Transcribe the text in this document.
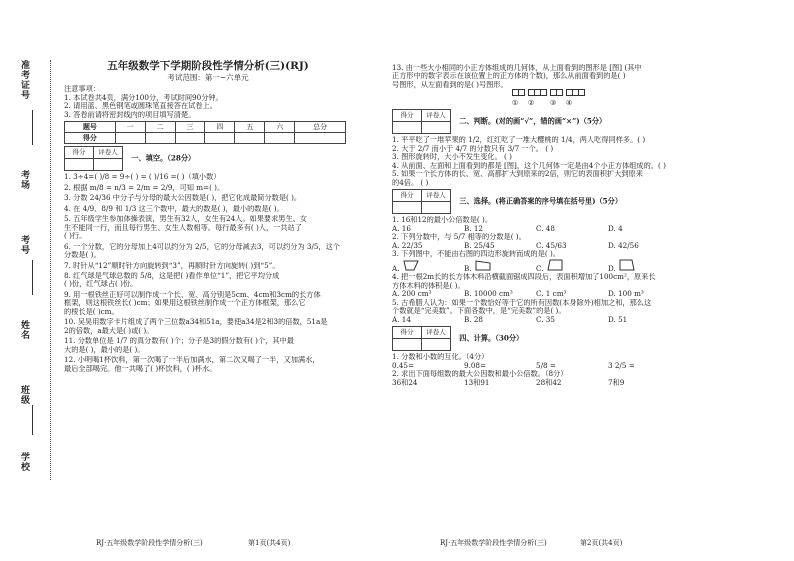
准考证号
考场
考号
姓名
班级
学校
五年级数学下学期阶段性学情分析(三)(RJ)
考试范围：第一~六单元

注意事项：

1. 本试卷共4页，满分100分，考试时间90分钟。

2. 请用蓝、黑色钢笔或圆珠笔直接答在试卷上。

3. 答卷前请将密封线内的项目填写清楚。

题号	一	二	三	四	五	六	总分
得分							
得分	评卷人
	一、填空。（28分）

1. 3÷4=( )/8 = 9÷( ) = ( )/16 =( )（填小数）

2. 根据 m/8 = n/3 = 2/m = 2/9，可知 m=( )。

3. 分数 24/36 中分子与分母的最大公因数是( )，把它化成最简分数是( )。

4. 在 4/9、8/9 和 1/3 这三个数中，最大的数是( )，最小的数是( )。

5. 五年级学生参加体操表演，男生有32人，女生有24人。如果要求男生、女

生不能同一行，而且每行男生、女生人数相等。每行最多有( )人，一共站了

( )行。

6. 一个分数，它的分母加上4可以约分为 2/5，它的分母减去3，可以约分为 3/5，这个

分数是( )。

7. 时针从“12”顺时针方向旋转到“3”，再顺时针方向旋转( )到“5”。

8. 红气球是气球总数的 5/8，这是把( )看作单位“1”，把它平均分成

( )份，红气球占( )份。

9. 用一根铁丝正好可以制作成一个长、宽、高分别是5cm、4cm和3cm的长方体

框架，则这根铁丝长( )cm；如果用这根铁丝制作成一个正方体框架，那么它

的棱长是( )cm。

10. 吴昊用数字卡片组成了两个三位数a34和51a，要使a34是2和3的倍数，51a是

2的倍数，a最大是( )或( )。

11. 分数单位是 1/7 的真分数有( )个；分子是3的假分数有( )个，其中最

大的是( )，最小的是( )。

12. 小明喝1杯饮料，第一次喝了一半后加满水，第二次又喝了一半，又加满水，

最后全部喝完。他一共喝了( )杯饮料，( )杯水。

13. 由一些大小相同的小正方体组成的几何体，从上面看到的图形是 [图] (其中

正方形中的数字表示在该位置上的正方体的个数)，那么从前面看到的是( )

号图形，从左面看到的是( )号图形。

①	②	③	④
得分	评卷人
	二、判断。(对的画“√”，错的画“×”)（5分）

1. 平平吃了一堆苹果的 1/2，红红吃了一堆大樱桃的 1/4，两人吃得同样多。( )

2. 大于 2/7 而小于 4/7 的分数只有 3/7 一个。 ( )

3. 图形旋转时，大小不发生变化。 ( )

4. 从前面、左面和上面看到的都是 [图]，这个几何体一定是由4个小正方体组成的。( )

5. 如果一个长方体的长、宽、高都扩大到原来的2倍，则它的表面积扩大到原来

的4倍。 ( )

得分	评卷人
	三、选择。(将正确答案的序号填在括号里)（5分）

1. 16和12的最小公倍数是( )。

A. 16	B. 12	C. 48	D. 4

2. 下列分数中，与 5/7 相等的分数是( )。

A. 22/35	B. 25/45	C. 45/63	D. 42/56

3. 下列图中，不能由右图的四边形旋转而成的是( )。

A.	B.	C.	D.

4. 把一根2m长的长方体木料沿横截面锯成四段后，表面积增加了100cm²，原来长

方体木料的体积是( )。

A. 200 cm³	B. 10000 cm³	C. 1 cm³	D. 100 m³

5. 古希腊人认为：如果一个数恰好等于它的所有因数(本身除外)相加之和，那么这

个数就是“完美数”。下面各数中，是“完美数”的是( )。

A. 14	B. 28	C. 35	D. 51
得分	评卷人
	四、计算。（30分）

1. 分数和小数的互化。（4分）

0.45=	9.08=	5/8 =	3 2/5 =

2. 求出下面每组数的最大公因数和最小公倍数。（8分）

36和24	13和91	28和42	7和9
RJ·五年级数学阶段性学情分析(三)	第1页(共4页)	RJ·五年级数学阶段性学情分析(三)	第2页(共4页)
